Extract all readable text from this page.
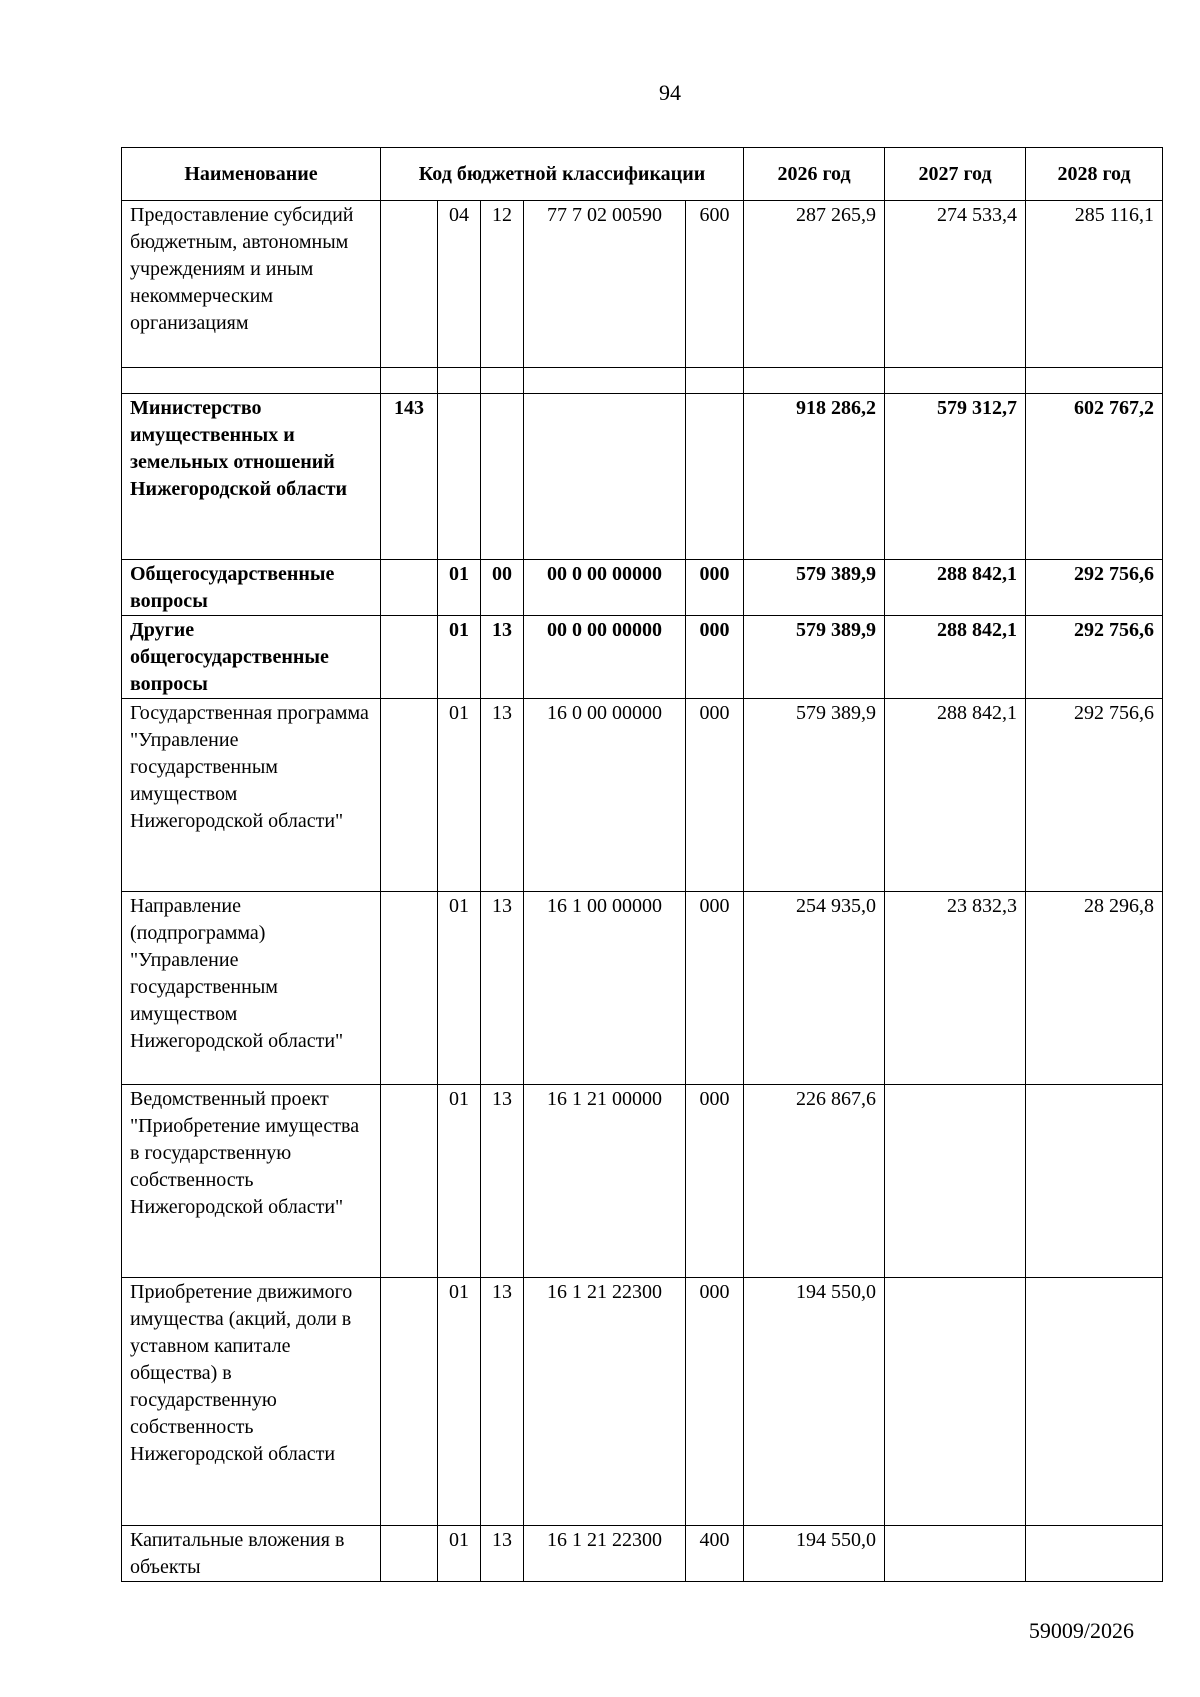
94
Наименование	Код бюджетной классификации					2026 год	2027 год	2028 год
Предоставление субсидий бюджетным, автономным учреждениям и иным некоммерческим организациям		04	12	77 7 02 00590	600	287 265,9	274 533,4	285 116,1

Министерство имущественных и земельных отношений Нижегородской области	143					918 286,2	579 312,7	602 767,2
Общегосударственные вопросы		01	00	00 0 00 00000	000	579 389,9	288 842,1	292 756,6
Другие общегосударственные вопросы		01	13	00 0 00 00000	000	579 389,9	288 842,1	292 756,6
Государственная программа "Управление государственным имуществом Нижегородской области"		01	13	16 0 00 00000	000	579 389,9	288 842,1	292 756,6
Направление (подпрограмма) "Управление государственным имуществом Нижегородской области"		01	13	16 1 00 00000	000	254 935,0	23 832,3	28 296,8
Ведомственный проект "Приобретение имущества в государственную собственность Нижегородской области"		01	13	16 1 21 00000	000	226 867,6		
Приобретение движимого имущества (акций, доли в уставном капитале общества) в государственную собственность Нижегородской области		01	13	16 1 21 22300	000	194 550,0		
Капитальные вложения в объекты		01	13	16 1 21 22300	400	194 550,0		
59009/2026
